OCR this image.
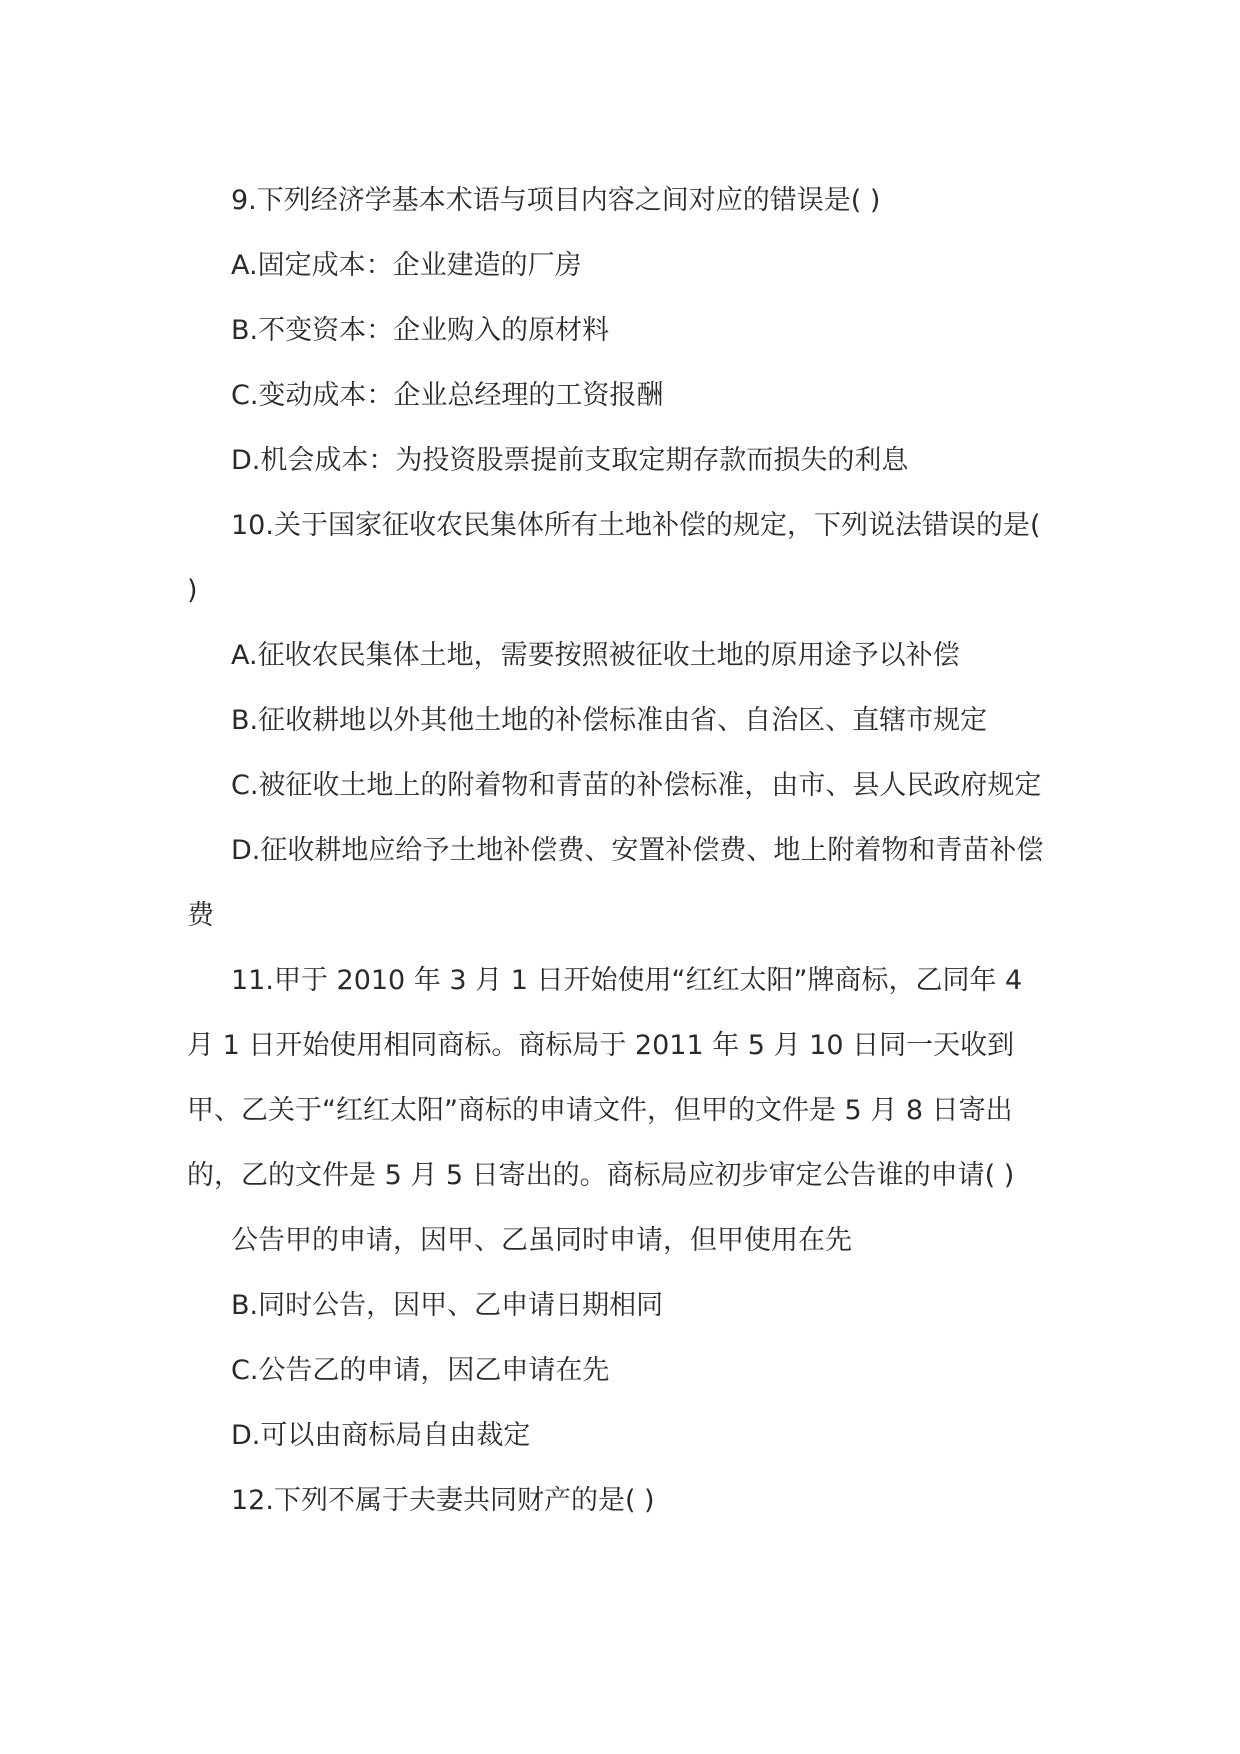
9.下列经济学基本术语与项目内容之间对应的错误是( )

A.固定成本：企业建造的厂房

B.不变资本：企业购入的原材料

C.变动成本：企业总经理的工资报酬

D.机会成本：为投资股票提前支取定期存款而损失的利息

10.关于国家征收农民集体所有土地补偿的规定，下列说法错误的是( )

A.征收农民集体土地，需要按照被征收土地的原用途予以补偿

B.征收耕地以外其他土地的补偿标准由省、自治区、直辖市规定

C.被征收土地上的附着物和青苗的补偿标准，由市、县人民政府规定

D.征收耕地应给予土地补偿费、安置补偿费、地上附着物和青苗补偿费

11.甲于 2010 年 3 月 1 日开始使用“红红太阳”牌商标，乙同年 4 月 1 日开始使用相同商标。商标局于 2011 年 5 月 10 日同一天收到甲、乙关于“红红太阳”商标的申请文件，但甲的文件是 5 月 8 日寄出的，乙的文件是 5 月 5 日寄出的。商标局应初步审定公告谁的申请( )

公告甲的申请，因甲、乙虽同时申请，但甲使用在先

B.同时公告，因甲、乙申请日期相同

C.公告乙的申请，因乙申请在先

D.可以由商标局自由裁定

12.下列不属于夫妻共同财产的是( )
